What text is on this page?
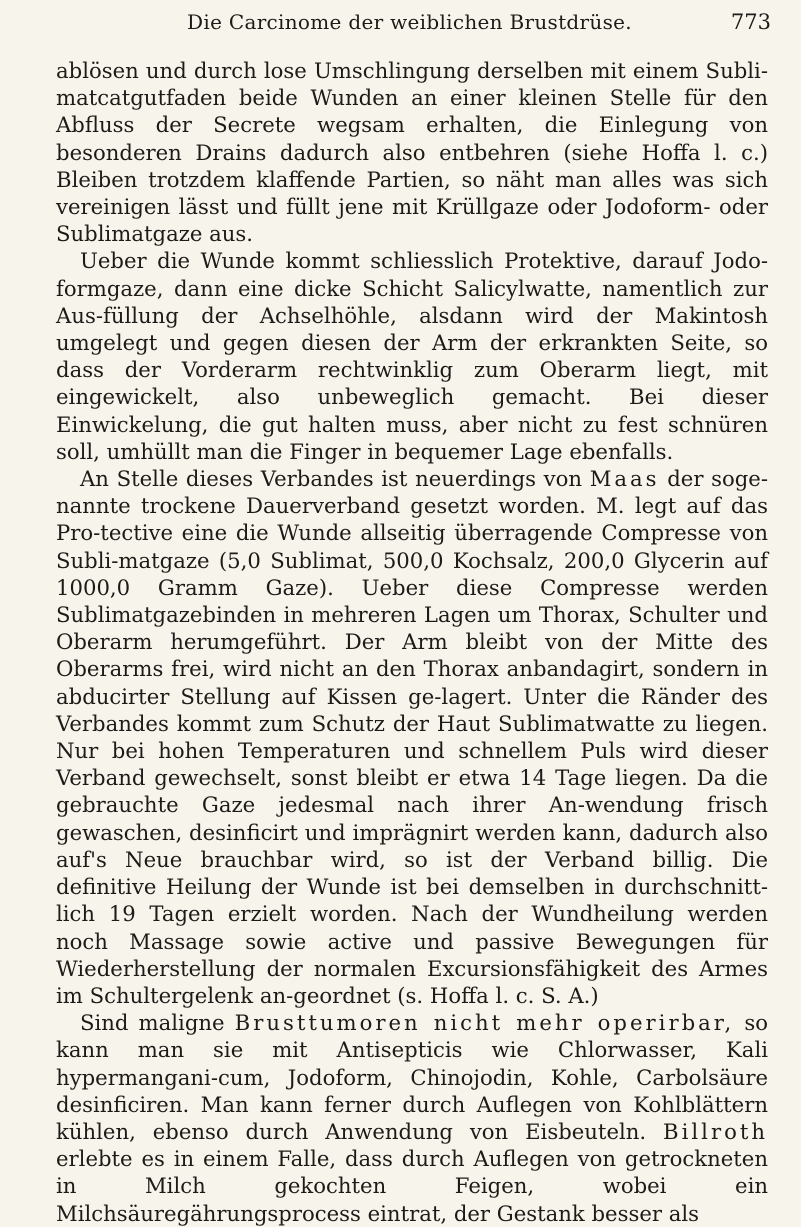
Die Carcinome der weiblichen Brustdrüse.	773

ablösen und durch lose Umschlingung derselben mit einem Subli-matcatgutfaden beide Wunden an einer kleinen Stelle für den Abfluss der Secrete wegsam erhalten, die Einlegung von besonderen Drains dadurch also entbehren (siehe Hoffa l. c.) Bleiben trotzdem klaffende Partien, so näht man alles was sich vereinigen lässt und füllt jene mit Krüllgaze oder Jodoform- oder Sublimatgaze aus.

Ueber die Wunde kommt schliesslich Protektive, darauf Jodo-formgaze, dann eine dicke Schicht Salicylwatte, namentlich zur Aus-füllung der Achselhöhle, alsdann wird der Makintosh umgelegt und gegen diesen der Arm der erkrankten Seite, so dass der Vorderarm rechtwinklig zum Oberarm liegt, mit eingewickelt, also unbeweglich gemacht. Bei dieser Einwickelung, die gut halten muss, aber nicht zu fest schnüren soll, umhüllt man die Finger in bequemer Lage ebenfalls.

An Stelle dieses Verbandes ist neuerdings von Maas der soge-nannte trockene Dauerverband gesetzt worden. M. legt auf das Pro-tective eine die Wunde allseitig überragende Compresse von Subli-matgaze (5,0 Sublimat, 500,0 Kochsalz, 200,0 Glycerin auf 1000,0 Gramm Gaze). Ueber diese Compresse werden Sublimatgazebinden in mehreren Lagen um Thorax, Schulter und Oberarm herumgeführt. Der Arm bleibt von der Mitte des Oberarms frei, wird nicht an den Thorax anbandagirt, sondern in abducirter Stellung auf Kissen ge-lagert. Unter die Ränder des Verbandes kommt zum Schutz der Haut Sublimatwatte zu liegen. Nur bei hohen Temperaturen und schnellem Puls wird dieser Verband gewechselt, sonst bleibt er etwa 14 Tage liegen. Da die gebrauchte Gaze jedesmal nach ihrer An-wendung frisch gewaschen, desinficirt und imprägnirt werden kann, dadurch also auf's Neue brauchbar wird, so ist der Verband billig. Die definitive Heilung der Wunde ist bei demselben in durchschnitt-lich 19 Tagen erzielt worden. Nach der Wundheilung werden noch Massage sowie active und passive Bewegungen für Wiederherstellung der normalen Excursionsfähigkeit des Armes im Schultergelenk an-geordnet (s. Hoffa l. c. S. A.)

Sind maligne Brusttumoren nicht mehr operirbar, so kann man sie mit Antisepticis wie Chlorwasser, Kali hypermangani-cum, Jodoform, Chinojodin, Kohle, Carbolsäure desinficiren. Man kann ferner durch Auflegen von Kohlblättern kühlen, ebenso durch Anwendung von Eisbeuteln. Billroth erlebte es in einem Falle, dass durch Auflegen von getrockneten in Milch gekochten Feigen, wobei ein Milchsäuregährungsprocess eintrat, der Gestank besser als
